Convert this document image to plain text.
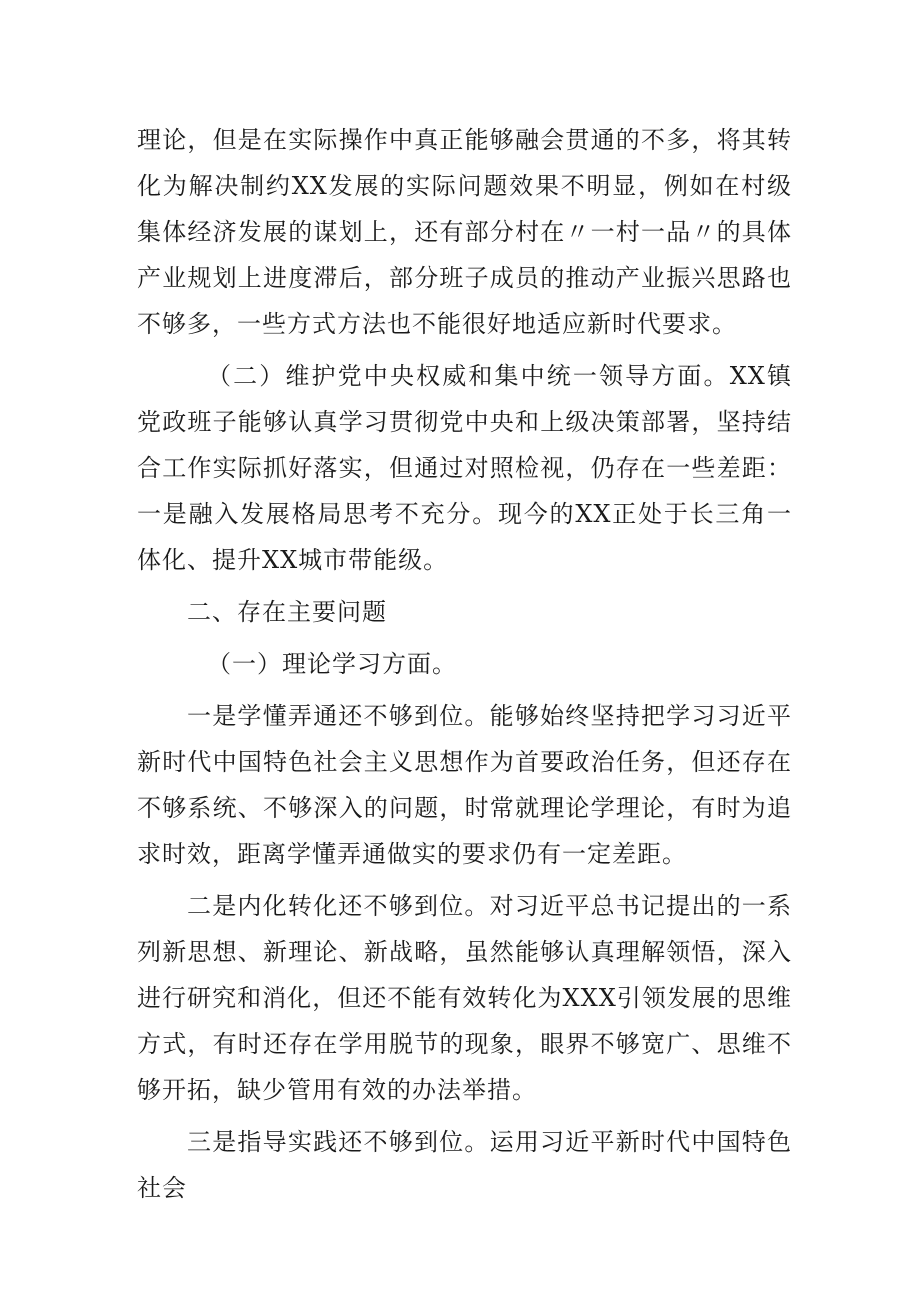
理论，但是在实际操作中真正能够融会贯通的不多，将其转化为解决制约XX发展的实际问题效果不明显，例如在村级集体经济发展的谋划上，还有部分村在〃一村一品〃的具体产业规划上进度滞后，部分班子成员的推动产业振兴思路也不够多，一些方式方法也不能很好地适应新时代要求。

（二）维护党中央权威和集中统一领导方面。XX镇党政班子能够认真学习贯彻党中央和上级决策部署，坚持结合工作实际抓好落实，但通过对照检视，仍存在一些差距：一是融入发展格局思考不充分。现今的XX正处于长三角一体化、提升XX城市带能级。

二、存在主要问题

（一）理论学习方面。

一是学懂弄通还不够到位。能够始终坚持把学习习近平新时代中国特色社会主义思想作为首要政治任务，但还存在不够系统、不够深入的问题，时常就理论学理论，有时为追求时效，距离学懂弄通做实的要求仍有一定差距。

二是内化转化还不够到位。对习近平总书记提出的一系列新思想、新理论、新战略，虽然能够认真理解领悟，深入进行研究和消化，但还不能有效转化为XXX引领发展的思维方式，有时还存在学用脱节的现象，眼界不够宽广、思维不够开拓，缺少管用有效的办法举措。

三是指导实践还不够到位。运用习近平新时代中国特色社会
